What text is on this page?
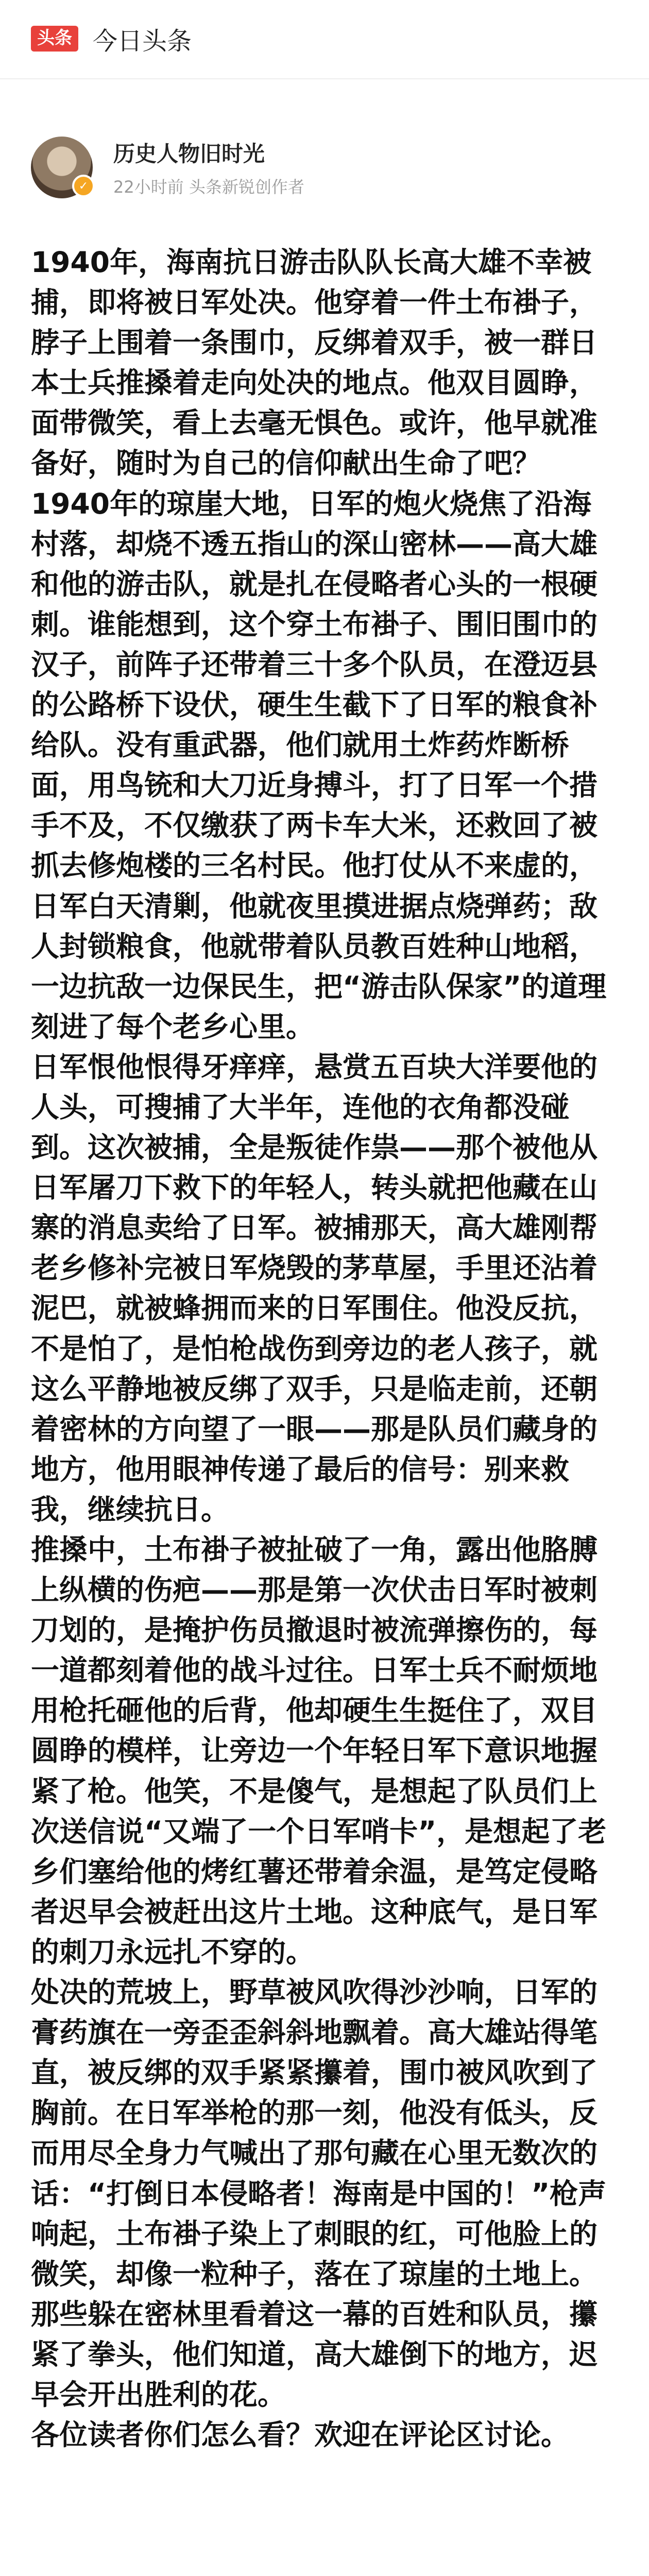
头条 今日头条
✓
历史人物旧时光
22小时前 头条新锐创作者

1940年，海南抗日游击队队长高大雄不幸被捕，即将被日军处决。他穿着一件土布褂子，脖子上围着一条围巾，反绑着双手，被一群日本士兵推搡着走向处决的地点。他双目圆睁，面带微笑，看上去毫无惧色。或许，他早就准备好，随时为自己的信仰献出生命了吧？

1940年的琼崖大地，日军的炮火烧焦了沿海村落，却烧不透五指山的深山密林——高大雄和他的游击队，就是扎在侵略者心头的一根硬刺。谁能想到，这个穿土布褂子、围旧围巾的汉子，前阵子还带着三十多个队员，在澄迈县的公路桥下设伏，硬生生截下了日军的粮食补给队。没有重武器，他们就用土炸药炸断桥面，用鸟铳和大刀近身搏斗，打了日军一个措手不及，不仅缴获了两卡车大米，还救回了被抓去修炮楼的三名村民。他打仗从不来虚的，日军白天清剿，他就夜里摸进据点烧弹药；敌人封锁粮食，他就带着队员教百姓种山地稻，一边抗敌一边保民生，把“游击队保家”的道理刻进了每个老乡心里。

日军恨他恨得牙痒痒，悬赏五百块大洋要他的人头，可搜捕了大半年，连他的衣角都没碰到。这次被捕，全是叛徒作祟——那个被他从日军屠刀下救下的年轻人，转头就把他藏在山寨的消息卖给了日军。被捕那天，高大雄刚帮老乡修补完被日军烧毁的茅草屋，手里还沾着泥巴，就被蜂拥而来的日军围住。他没反抗，不是怕了，是怕枪战伤到旁边的老人孩子，就这么平静地被反绑了双手，只是临走前，还朝着密林的方向望了一眼——那是队员们藏身的地方，他用眼神传递了最后的信号：别来救我，继续抗日。

推搡中，土布褂子被扯破了一角，露出他胳膊上纵横的伤疤——那是第一次伏击日军时被刺刀划的，是掩护伤员撤退时被流弹擦伤的，每一道都刻着他的战斗过往。日军士兵不耐烦地用枪托砸他的后背，他却硬生生挺住了，双目圆睁的模样，让旁边一个年轻日军下意识地握紧了枪。他笑，不是傻气，是想起了队员们上次送信说“又端了一个日军哨卡”，是想起了老乡们塞给他的烤红薯还带着余温，是笃定侵略者迟早会被赶出这片土地。这种底气，是日军的刺刀永远扎不穿的。

处决的荒坡上，野草被风吹得沙沙响，日军的膏药旗在一旁歪歪斜斜地飘着。高大雄站得笔直，被反绑的双手紧紧攥着，围巾被风吹到了胸前。在日军举枪的那一刻，他没有低头，反而用尽全身力气喊出了那句藏在心里无数次的话：“打倒日本侵略者！海南是中国的！”枪声响起，土布褂子染上了刺眼的红，可他脸上的微笑，却像一粒种子，落在了琼崖的土地上。那些躲在密林里看着这一幕的百姓和队员，攥紧了拳头，他们知道，高大雄倒下的地方，迟早会开出胜利的花。

各位读者你们怎么看？欢迎在评论区讨论。
